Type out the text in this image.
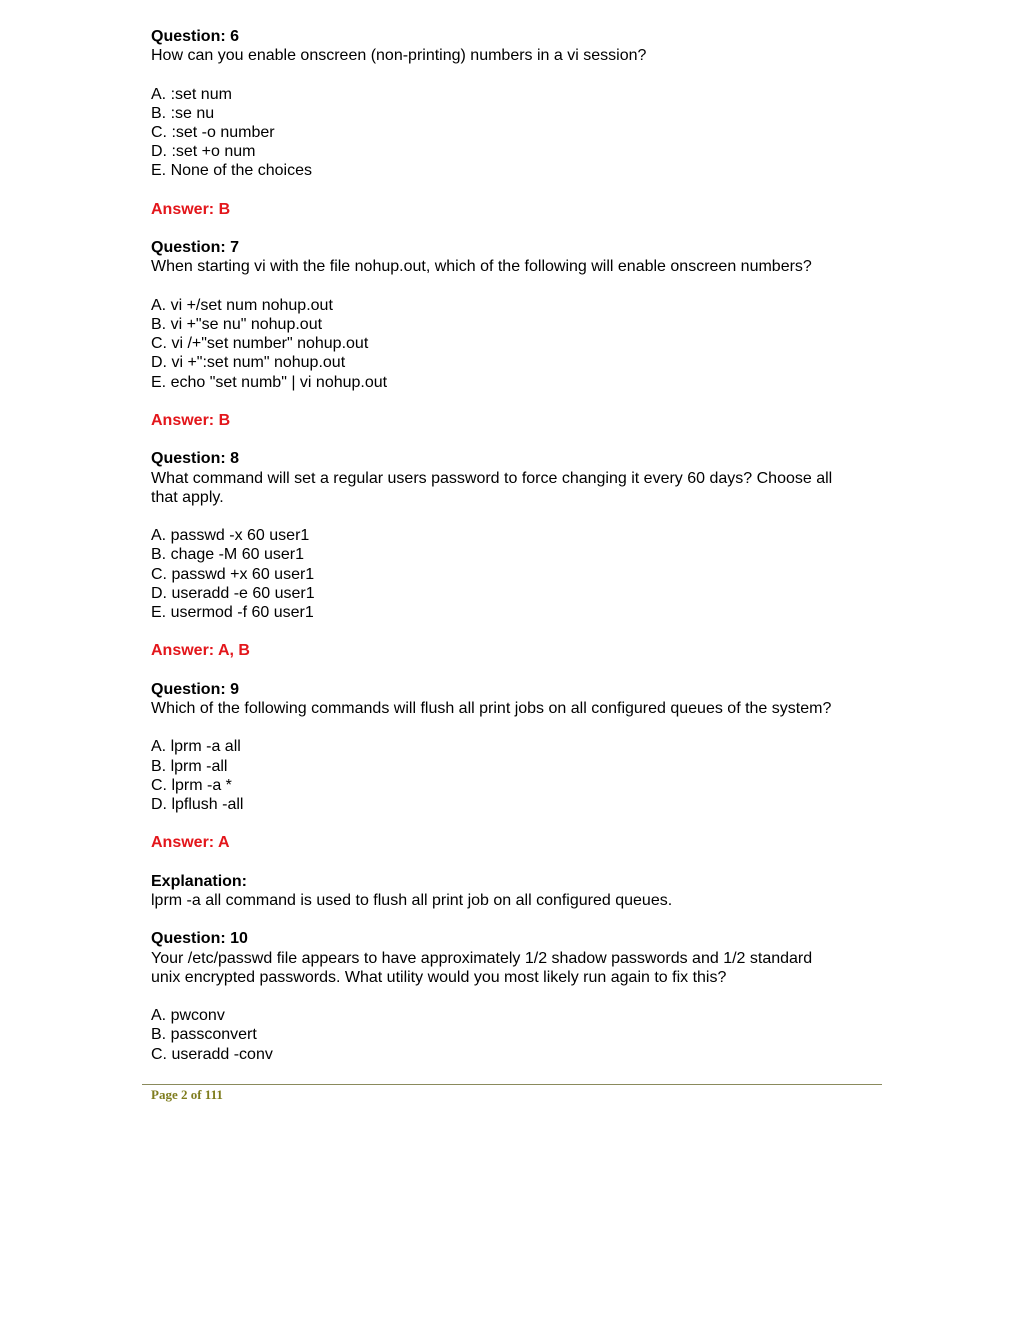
Question: 6
How can you enable onscreen (non-printing) numbers in a vi session?
A. :set num
B. :se nu
C. :set -o number
D. :set +o num
E. None of the choices
Answer: B
Question: 7
When starting vi with the file nohup.out, which of the following will enable onscreen numbers?
A. vi +/set num nohup.out
B. vi +"se nu" nohup.out
C. vi /+"set number" nohup.out
D. vi +":set num" nohup.out
E. echo "set numb" | vi nohup.out
Answer: B
Question: 8
What command will set a regular users password to force changing it every 60 days? Choose all
that apply.
A. passwd -x 60 user1
B. chage -M 60 user1
C. passwd +x 60 user1
D. useradd -e 60 user1
E. usermod -f 60 user1
Answer: A, B
Question: 9
Which of the following commands will flush all print jobs on all configured queues of the system?
A. lprm -a all
B. lprm -all
C. lprm -a *
D. lpflush -all
Answer: A
Explanation:
lprm -a all command is used to flush all print job on all configured queues.
Question: 10
Your /etc/passwd file appears to have approximately 1/2 shadow passwords and 1/2 standard
unix encrypted passwords. What utility would you most likely run again to fix this?
A. pwconv
B. passconvert
C. useradd -conv
Page 2 of 111
